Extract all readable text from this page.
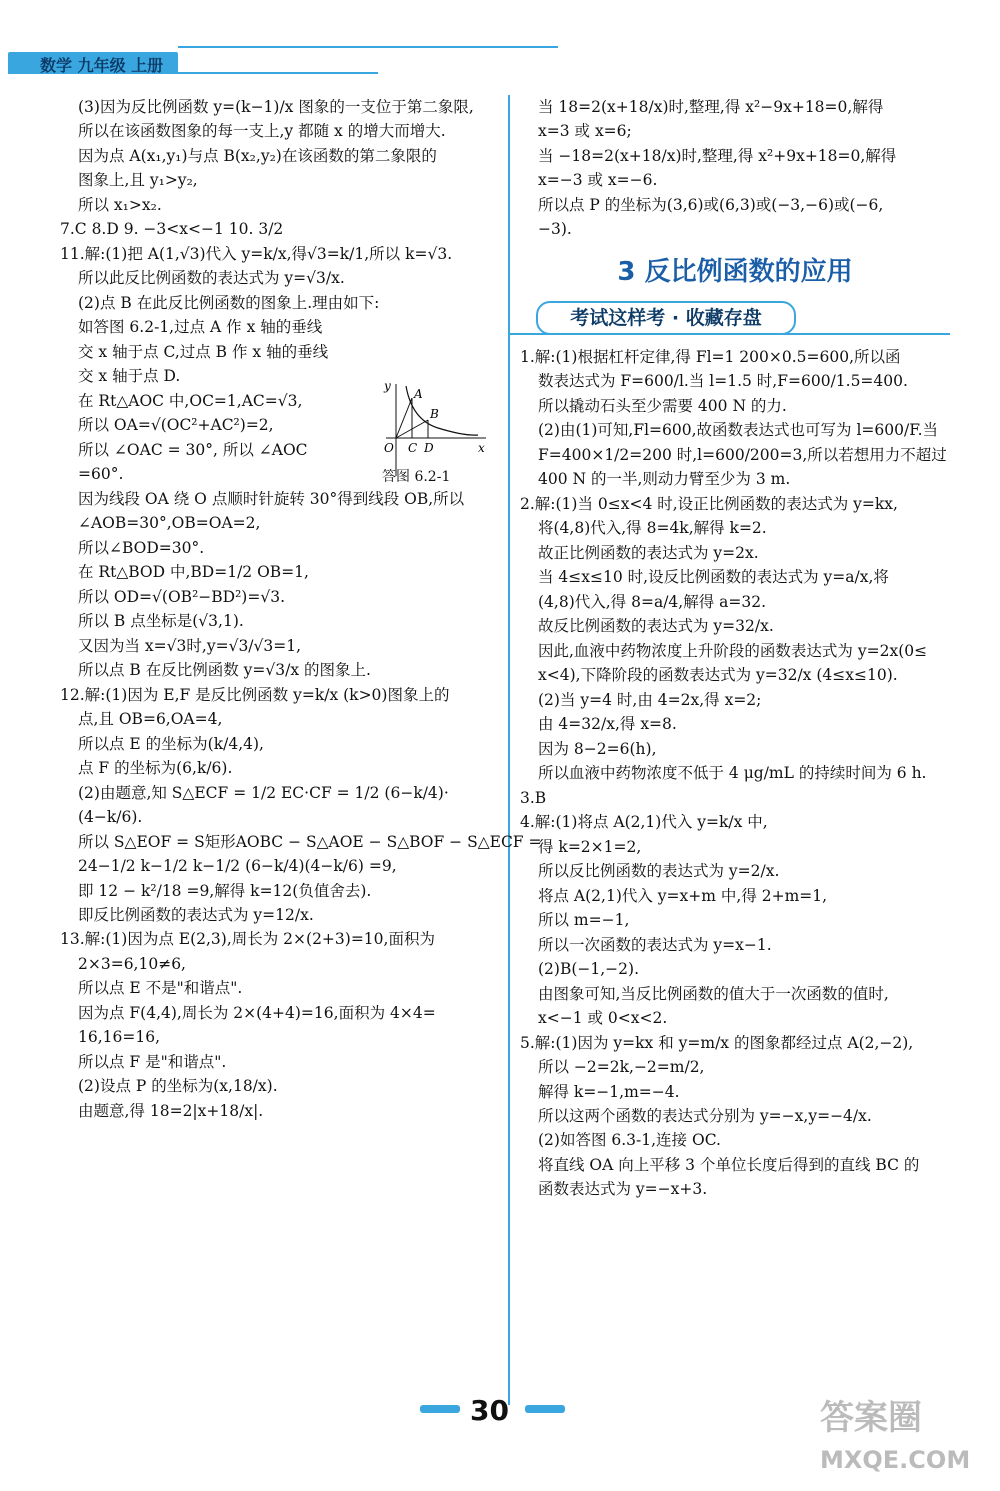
数学 九年级 上册
(3)因为反比例函数 y=(k−1)/x 图象的一支位于第二象限,
所以在该函数图象的每一支上,y 都随 x 的增大而增大.
因为点 A(x₁,y₁)与点 B(x₂,y₂)在该函数的第二象限的
图象上,且 y₁>y₂,
所以 x₁>x₂.
7.C 8.D 9. −3<x<−1 10. 3/2
11.解:(1)把 A(1,√3)代入 y=k/x,得√3=k/1,所以 k=√3.
所以此反比例函数的表达式为 y=√3/x.
(2)点 B 在此反比例函数的图象上.理由如下:
如答图 6.2-1,过点 A 作 x 轴的垂线
交 x 轴于点 C,过点 B 作 x 轴的垂线
交 x 轴于点 D.
在 Rt△AOC 中,OC=1,AC=√3,
所以 OA=√(OC²+AC²)=2,
所以 ∠OAC = 30°, 所以 ∠AOC
=60°.
因为线段 OA 绕 O 点顺时针旋转 30°得到线段 OB,所以
∠AOB=30°,OB=OA=2,
所以∠BOD=30°.
在 Rt△BOD 中,BD=1/2 OB=1,
所以 OD=√(OB²−BD²)=√3.
所以 B 点坐标是(√3,1).
又因为当 x=√3时,y=√3/√3=1,
所以点 B 在反比例函数 y=√3/x 的图象上.
12.解:(1)因为 E,F 是反比例函数 y=k/x (k>0)图象上的
点,且 OB=6,OA=4,
所以点 E 的坐标为(k/4,4),
点 F 的坐标为(6,k/6).
(2)由题意,知 S△ECF = 1/2 EC·CF = 1/2 (6−k/4)·
(4−k/6).
所以 S△EOF = S矩形AOBC − S△AOE − S△BOF − S△ECF =
24−1/2 k−1/2 k−1/2 (6−k/4)(4−k/6) =9,
即 12 − k²/18 =9,解得 k=12(负值舍去).
即反比例函数的表达式为 y=12/x.
13.解:(1)因为点 E(2,3),周长为 2×(2+3)=10,面积为
2×3=6,10≠6,
所以点 E 不是"和谐点".
因为点 F(4,4),周长为 2×(4+4)=16,面积为 4×4=
16,16=16,
所以点 F 是"和谐点".
(2)设点 P 的坐标为(x,18/x).
由题意,得 18=2|x+18/x|.
y
A
B
O C D	x
答图 6.2-1
当 18=2(x+18/x)时,整理,得 x²−9x+18=0,解得
x=3 或 x=6;
当 −18=2(x+18/x)时,整理,得 x²+9x+18=0,解得
x=−3 或 x=−6.
所以点 P 的坐标为(3,6)或(6,3)或(−3,−6)或(−6,
−3).
3 反比例函数的应用
考试这样考 · 收藏存盘
1.解:(1)根据杠杆定律,得 Fl=1 200×0.5=600,所以函
数表达式为 F=600/l.当 l=1.5 时,F=600/1.5=400.
所以撬动石头至少需要 400 N 的力.
(2)由(1)可知,Fl=600,故函数表达式也可写为 l=600/F.当
F=400×1/2=200 时,l=600/200=3,所以若想用力不超过
400 N 的一半,则动力臂至少为 3 m.
2.解:(1)当 0≤x<4 时,设正比例函数的表达式为 y=kx,
将(4,8)代入,得 8=4k,解得 k=2.
故正比例函数的表达式为 y=2x.
当 4≤x≤10 时,设反比例函数的表达式为 y=a/x,将
(4,8)代入,得 8=a/4,解得 a=32.
故反比例函数的表达式为 y=32/x.
因此,血液中药物浓度上升阶段的函数表达式为 y=2x(0≤
x<4),下降阶段的函数表达式为 y=32/x (4≤x≤10).
(2)当 y=4 时,由 4=2x,得 x=2;
由 4=32/x,得 x=8.
因为 8−2=6(h),
所以血液中药物浓度不低于 4 μg/mL 的持续时间为 6 h.
3.B
4.解:(1)将点 A(2,1)代入 y=k/x 中,
得 k=2×1=2,
所以反比例函数的表达式为 y=2/x.
将点 A(2,1)代入 y=x+m 中,得 2+m=1,
所以 m=−1,
所以一次函数的表达式为 y=x−1.
(2)B(−1,−2).
由图象可知,当反比例函数的值大于一次函数的值时,
x<−1 或 0<x<2.
5.解:(1)因为 y=kx 和 y=m/x 的图象都经过点 A(2,−2),
所以 −2=2k,−2=m/2,
解得 k=−1,m=−4.
所以这两个函数的表达式分别为 y=−x,y=−4/x.
(2)如答图 6.3-1,连接 OC.
将直线 OA 向上平移 3 个单位长度后得到的直线 BC 的
函数表达式为 y=−x+3.
30	答案圈
MXQE.COM
